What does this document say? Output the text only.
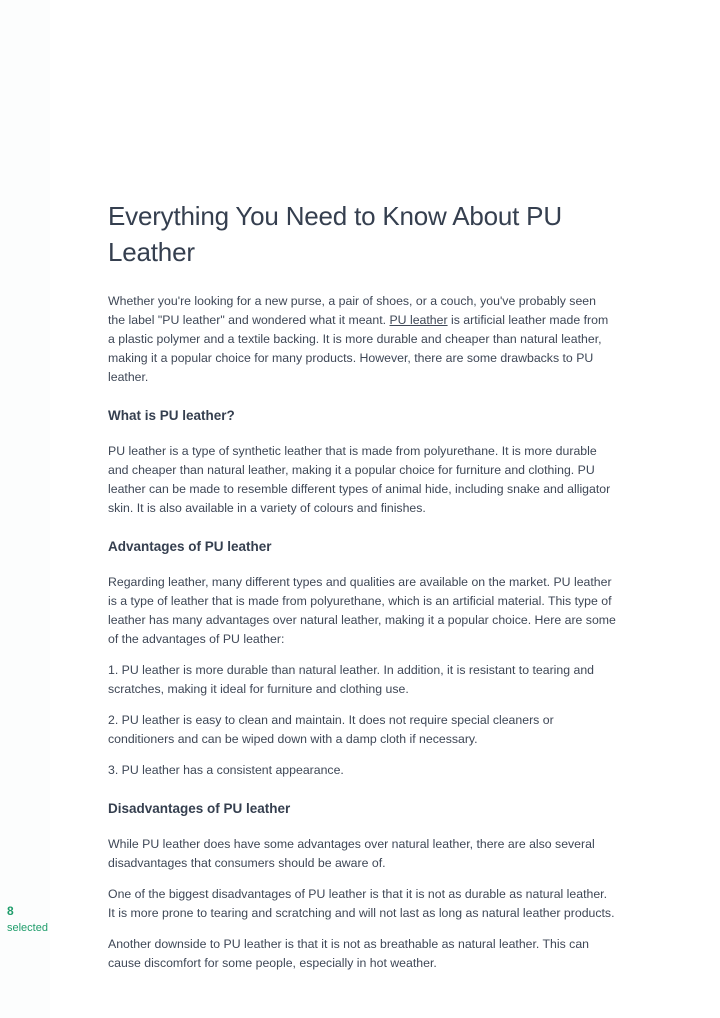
8
selected
Everything You Need to Know About PU Leather

Whether you're looking for a new purse, a pair of shoes, or a couch, you've probably seen the label "PU leather" and wondered what it meant. PU leather is artificial leather made from a plastic polymer and a textile backing. It is more durable and cheaper than natural leather, making it a popular choice for many products. However, there are some drawbacks to PU leather.

What is PU leather?

PU leather is a type of synthetic leather that is made from polyurethane. It is more durable and cheaper than natural leather, making it a popular choice for furniture and clothing. PU leather can be made to resemble different types of animal hide, including snake and alligator skin. It is also available in a variety of colours and finishes.

Advantages of PU leather

Regarding leather, many different types and qualities are available on the market. PU leather is a type of leather that is made from polyurethane, which is an artificial material. This type of leather has many advantages over natural leather, making it a popular choice. Here are some of the advantages of PU leather:

1. PU leather is more durable than natural leather. In addition, it is resistant to tearing and scratches, making it ideal for furniture and clothing use.

2. PU leather is easy to clean and maintain. It does not require special cleaners or conditioners and can be wiped down with a damp cloth if necessary.

3. PU leather has a consistent appearance.

Disadvantages of PU leather

While PU leather does have some advantages over natural leather, there are also several disadvantages that consumers should be aware of.

One of the biggest disadvantages of PU leather is that it is not as durable as natural leather. It is more prone to tearing and scratching and will not last as long as natural leather products.

Another downside to PU leather is that it is not as breathable as natural leather. This can cause discomfort for some people, especially in hot weather.
